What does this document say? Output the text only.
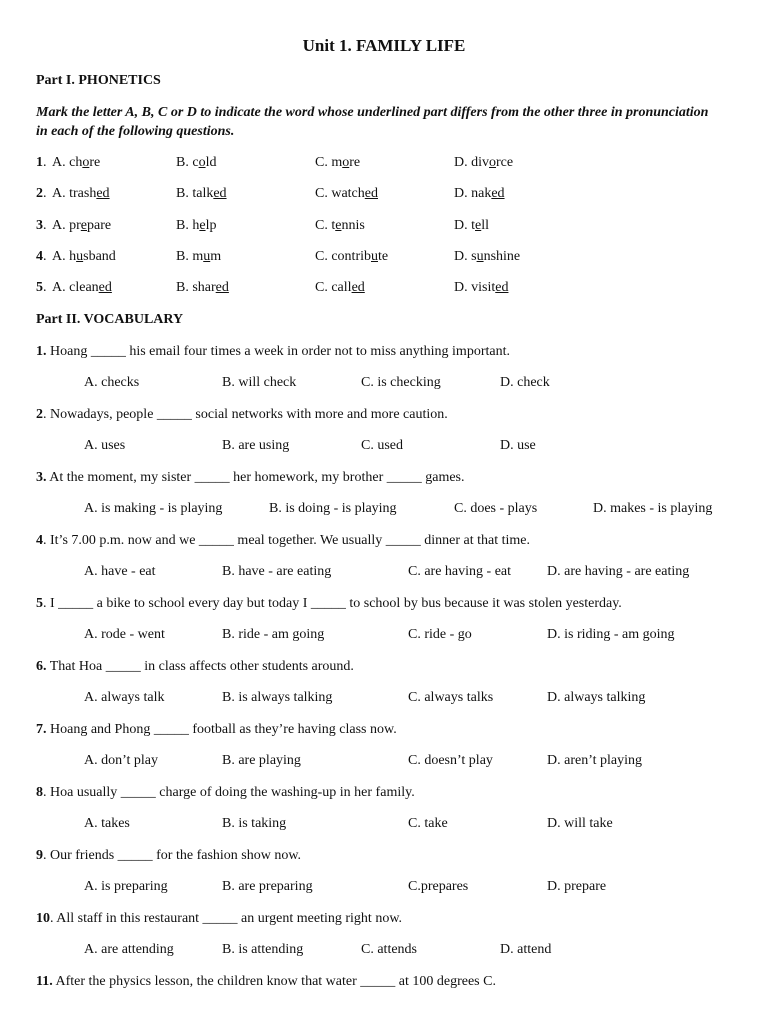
Unit 1. FAMILY LIFE
Part I. PHONETICS
Mark the letter A, B, C or D to indicate the word whose underlined part differs from the other three in pronunciation in each of the following questions.
1 . A. chore	B. cold	C. more	D. divorce
2 . A. trashed	B. talked	C. watched	D. naked
3 . A. prepare	B. help	C. tennis	D. tell
4 . A. husband	B. mum	C. contribute	D. sunshine
5 . A. cleaned	B. shared	C. called	D. visited
Part II. VOCABULARY
1. Hoang _____ his email four times a week in order not to miss anything important.
A. checks	B. will check	C. is checking	D. check
2. Nowadays, people _____ social networks with more and more caution.
A. uses	B. are using	C. used	D. use
3. At the moment, my sister _____ her homework, my brother _____ games.
A. is making - is playing	B. is doing - is playing	C. does - plays	D. makes - is playing
4. It’s 7.00 p.m. now and we _____ meal together. We usually _____ dinner at that time.
A. have - eat	B. have - are eating	C. are having - eat	D. are having - are eating
5. I _____ a bike to school every day but today I _____ to school by bus because it was stolen yesterday.
A. rode - went	B. ride - am going	C. ride - go	D. is riding - am going
6. That Hoa _____ in class affects other students around.
A. always talk	B. is always talking	C. always talks	D. always talking
7. Hoang and Phong _____ football as they’re having class now.
A. don’t play	B. are playing	C. doesn’t play	D. aren’t playing
8. Hoa usually _____ charge of doing the washing-up in her family.
A. takes	B. is taking	C. take	D. will take
9. Our friends _____ for the fashion show now.
A. is preparing	B. are preparing	C.prepares	D. prepare
10. All staff in this restaurant _____ an urgent meeting right now.
A. are attending	B. is attending	C. attends	D. attend
11. After the physics lesson, the children know that water _____ at 100 degrees C.
